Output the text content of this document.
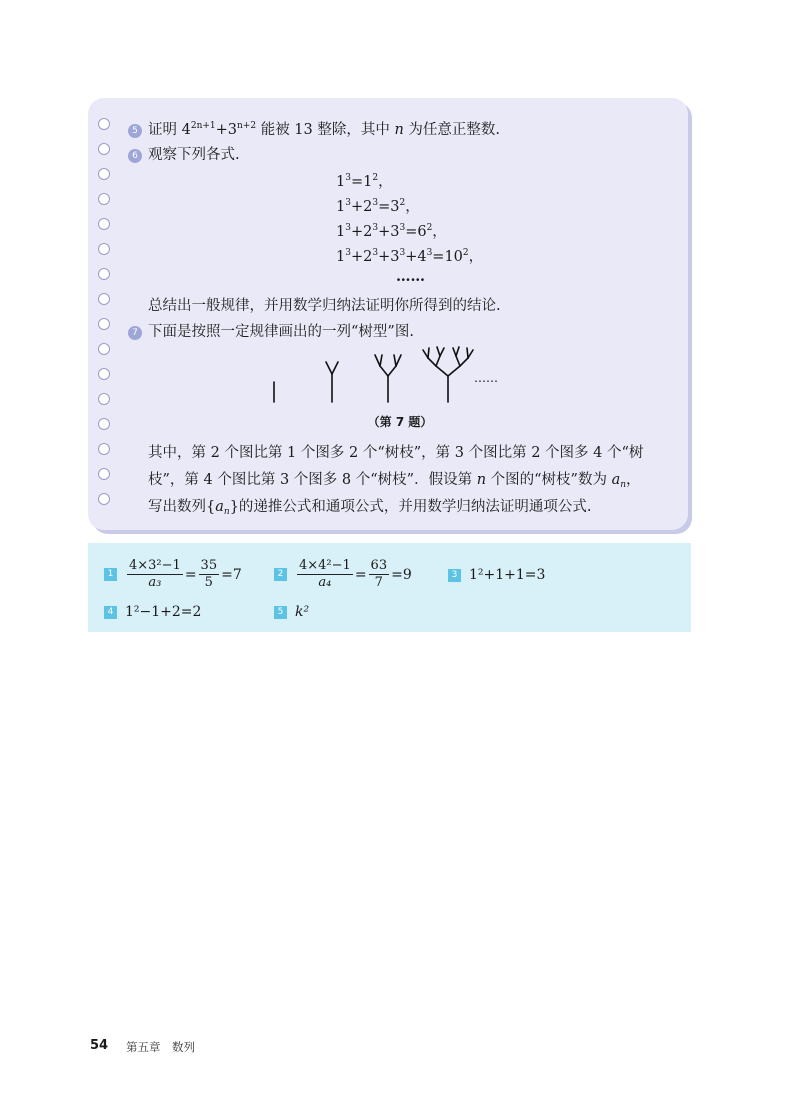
5 证明 $4^{2n+1}+3^{n+2}$ 能被 13 整除，其中 n 为任意正整数.
6 观察下列各式.
$1^3=1^2$，
$1^3+2^3=3^2$，
$1^3+2^3+3^3=6^2$，
$1^3+2^3+3^3+4^3=10^2$，
……
总结出一般规律，并用数学归纳法证明你所得到的结论.
7 下面是按照一定规律画出的一列“树型”图.
……
（第 7 题）
其中，第 2 个图比第 1 个图多 2 个“树枝”，第 3 个图比第 2 个图多 4 个“树
枝”，第 4 个图比第 3 个图多 8 个“树枝”．假设第 n 个图的“树枝”数为 $a_n$，
写出数列$\{a_n\}$的递推公式和通项公式，并用数学归纳法证明通项公式.
$1 \frac{\text{4×3²−1}}{\text{a₃}} = \frac{35}{5} =7$	$2 \frac{\text{4×4²−1}}{\text{a₄}} = \frac{63}{7} =9$	3 1²+1+1=3
4 1²−1+2=2	5 k²
54 第五章　数列
